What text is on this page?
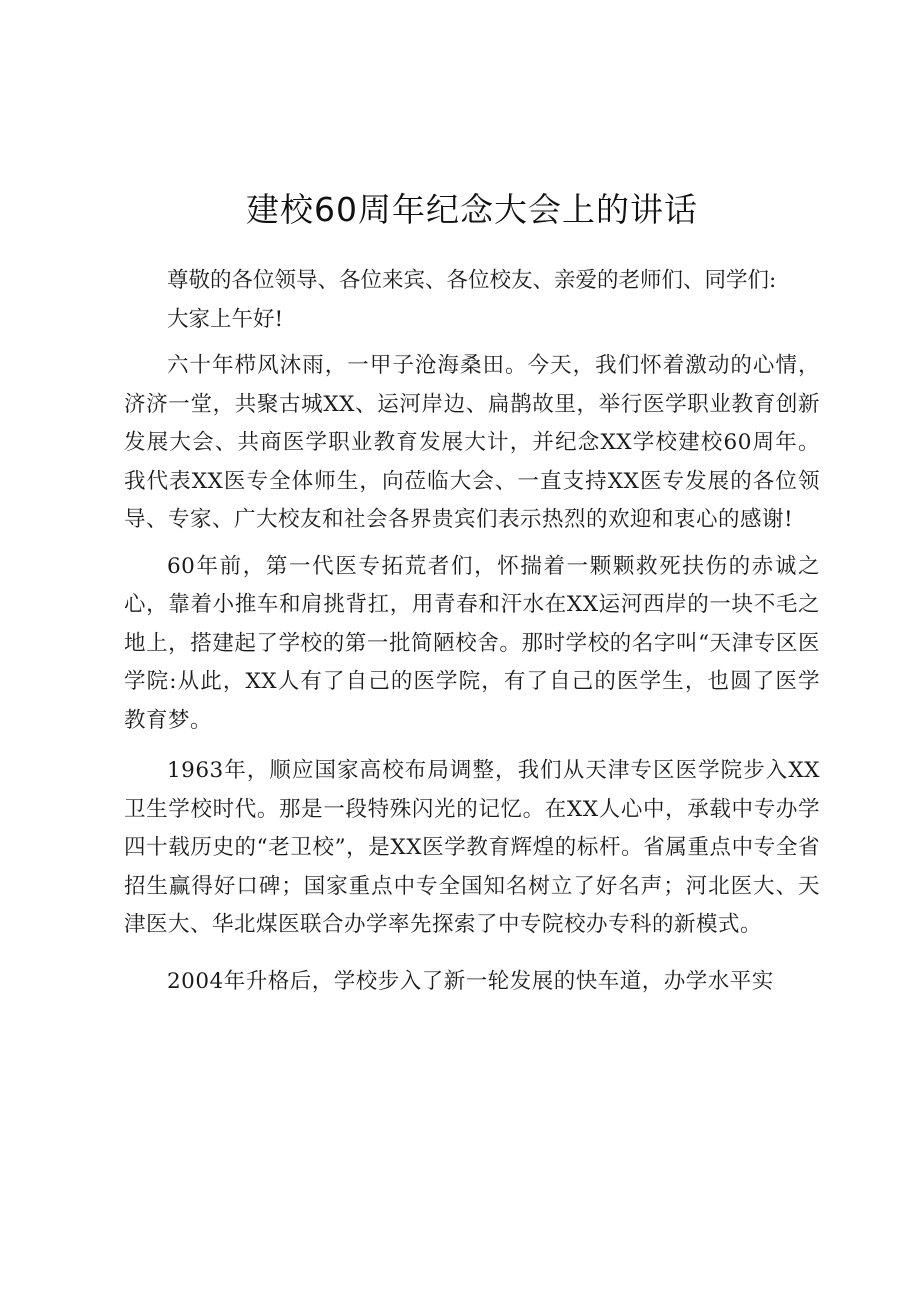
建校60周年纪念大会上的讲话

尊敬的各位领导、各位来宾、各位校友、亲爱的老师们、同学们:

大家上午好!

六十年栉风沐雨，一甲子沧海桑田。今天，我们怀着激动的心情，济济一堂，共聚古城XX、运河岸边、扁鹊故里，举行医学职业教育创新发展大会、共商医学职业教育发展大计，并纪念XX学校建校60周年。我代表XX医专全体师生，向莅临大会、一直支持XX医专发展的各位领导、专家、广大校友和社会各界贵宾们表示热烈的欢迎和衷心的感谢!

60年前，第一代医专拓荒者们，怀揣着一颗颗救死扶伤的赤诚之心，靠着小推车和肩挑背扛，用青春和汗水在XX运河西岸的一块不毛之地上，搭建起了学校的第一批简陋校舍。那时学校的名字叫“天津专区医学院:从此，XX人有了自己的医学院，有了自己的医学生，也圆了医学教育梦。

1963年，顺应国家高校布局调整，我们从天津专区医学院步入XX卫生学校时代。那是一段特殊闪光的记忆。在XX人心中，承载中专办学四十载历史的“老卫校”，是XX医学教育辉煌的标杆。省属重点中专全省招生赢得好口碑；国家重点中专全国知名树立了好名声；河北医大、天津医大、华北煤医联合办学率先探索了中专院校办专科的新模式。

2004年升格后，学校步入了新一轮发展的快车道，办学水平实
